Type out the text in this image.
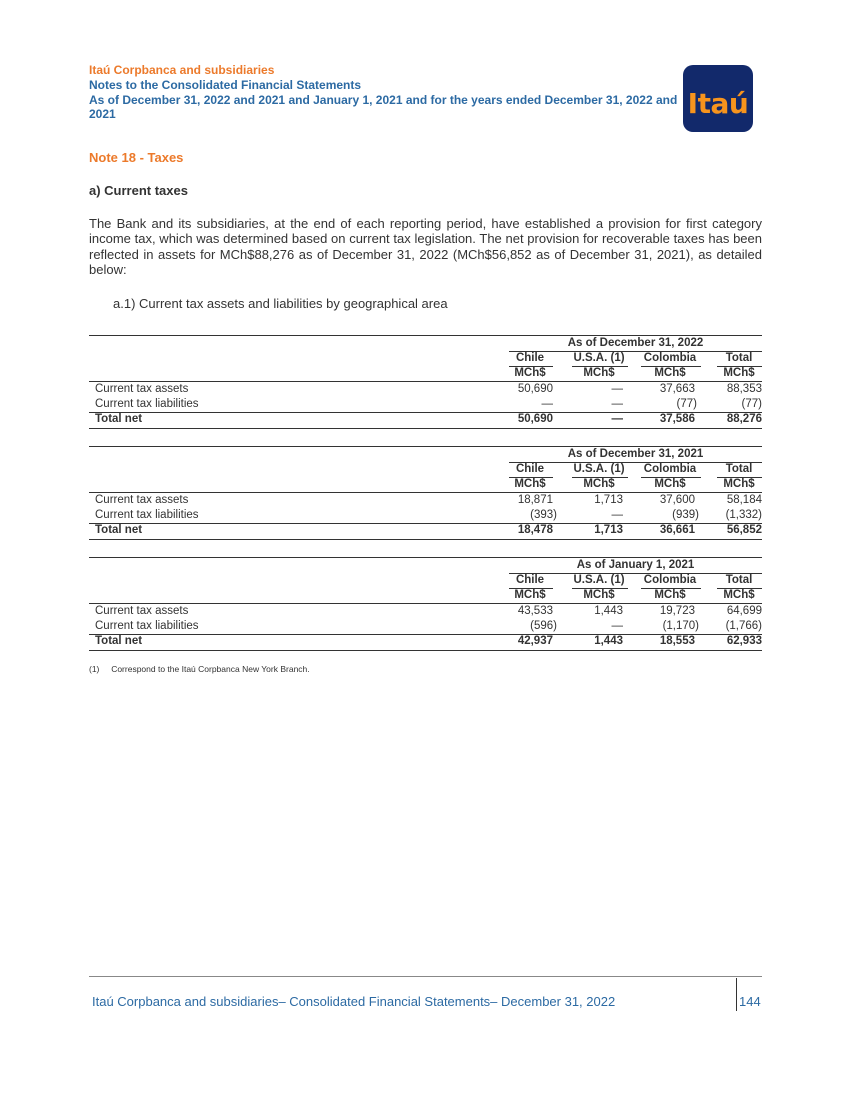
Itaú Corpbanca and subsidiaries
Notes to the Consolidated Financial Statements
As of December 31, 2022 and 2021 and January 1, 2021 and for the years ended December 31, 2022 and 2021	Itaú
Note 18 - Taxes
a) Current taxes
The Bank and its subsidiaries, at the end of each reporting period, have established a provision for first category income tax, which was determined based on current tax legislation. The net provision for recoverable taxes has been reflected in assets for MCh$88,276 as of December 31, 2022 (MCh$56,852 as of December 31, 2021), as detailed below:
a.1) Current tax assets and liabilities by geographical area
As of December 31, 2022
Chile	U.S.A. (1)	Colombia	Total
MCh$	MCh$	MCh$	MCh$
Current tax assets	50,690	—	37,663	88,353
Current tax liabilities	—	—	(77)	(77)
Total net	50,690	—	37,586	88,276
As of December 31, 2021
Chile	U.S.A. (1)	Colombia	Total
MCh$	MCh$	MCh$	MCh$
Current tax assets	18,871	1,713	37,600	58,184
Current tax liabilities	(393)	—	(939)	(1,332)
Total net	18,478	1,713	36,661	56,852
As of January 1, 2021
Chile	U.S.A. (1)	Colombia	Total
MCh$	MCh$	MCh$	MCh$
Current tax assets	43,533	1,443	19,723	64,699
Current tax liabilities	(596)	—	(1,170)	(1,766)
Total net	42,937	1,443	18,553	62,933
(1)     Correspond to the Itaú Corpbanca New York Branch.
Itaú Corpbanca and subsidiaries– Consolidated Financial Statements– December 31, 2022	144
